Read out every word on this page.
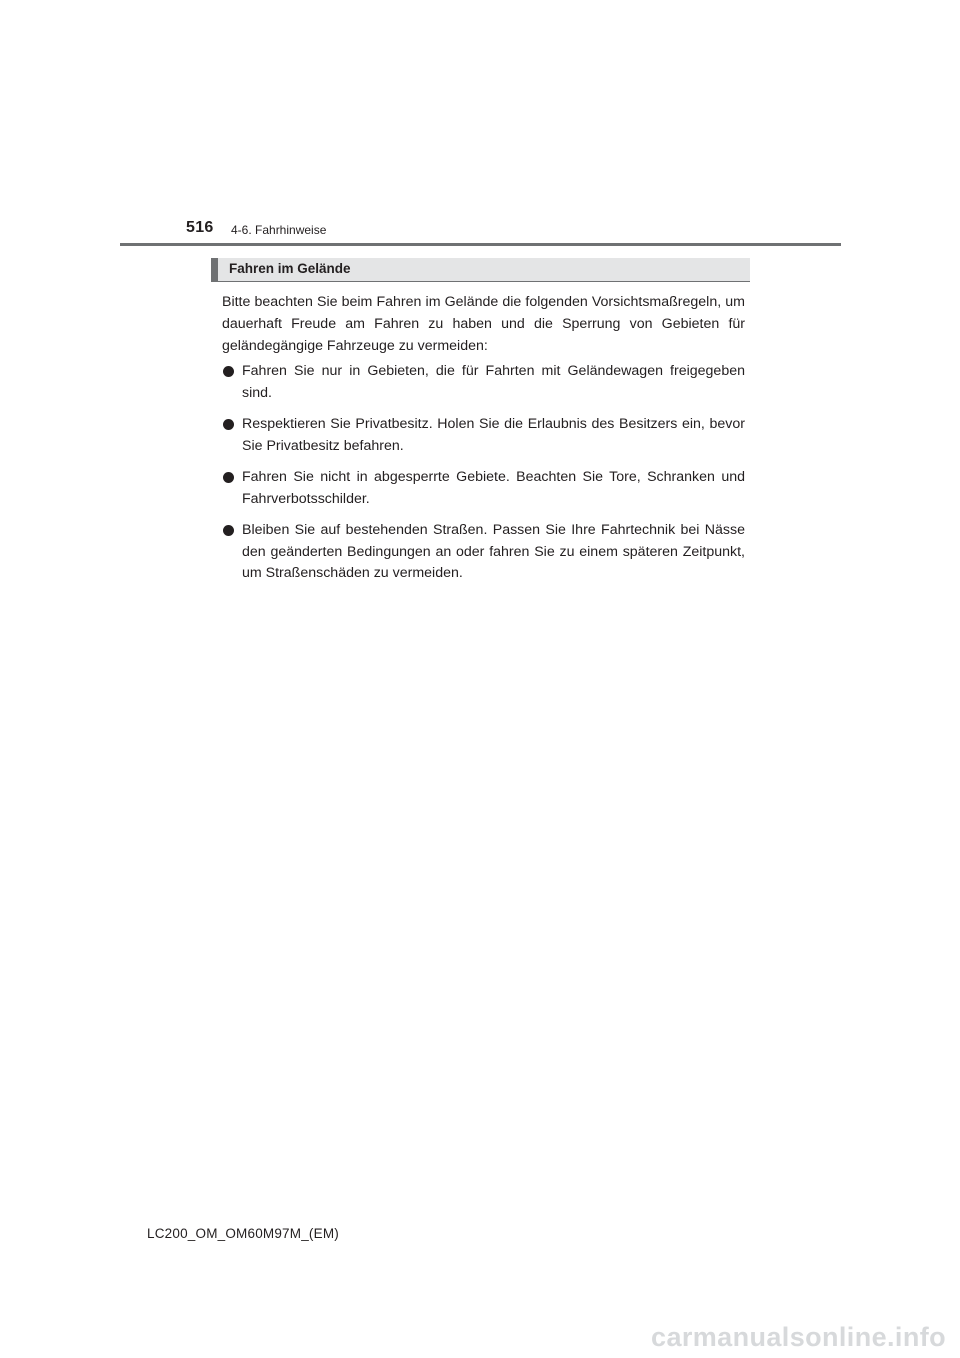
516 4-6. Fahrhinweise
Fahren im Gelände

Bitte beachten Sie beim Fahren im Gelände die folgenden Vorsichtsmaßregeln, um dauerhaft Freude am Fahren zu haben und die Sperrung von Gebieten für geländegängige Fahrzeuge zu vermeiden:

Fahren Sie nur in Gebieten, die für Fahrten mit Geländewagen freigegeben sind.
Respektieren Sie Privatbesitz. Holen Sie die Erlaubnis des Besitzers ein, bevor Sie Privatbesitz befahren.
Fahren Sie nicht in abgesperrte Gebiete. Beachten Sie Tore, Schranken und Fahrverbotsschilder.
Bleiben Sie auf bestehenden Straßen. Passen Sie Ihre Fahrtechnik bei Nässe den geänderten Bedingungen an oder fahren Sie zu einem späteren Zeitpunkt, um Straßenschäden zu vermeiden.
LC200_OM_OM60M97M_(EM)
carmanualsonline.info
